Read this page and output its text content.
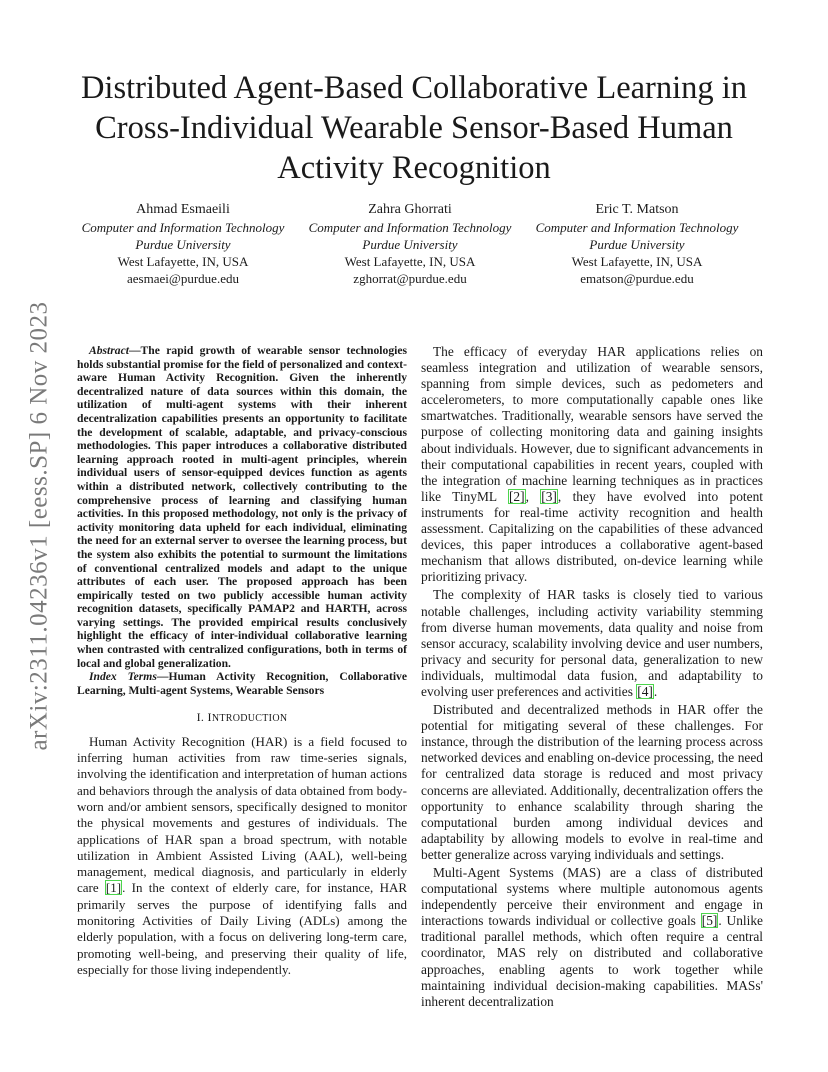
arXiv:2311.04236v1 [eess.SP] 6 Nov 2023
Distributed Agent-Based Collaborative Learning in
Cross-Individual Wearable Sensor-Based Human
Activity Recognition
Ahmad Esmaeili
Computer and Information Technology
Purdue University
West Lafayette, IN, USA
aesmaei@purdue.edu
Zahra Ghorrati
Computer and Information Technology
Purdue University
West Lafayette, IN, USA
zghorrat@purdue.edu
Eric T. Matson
Computer and Information Technology
Purdue University
West Lafayette, IN, USA
ematson@purdue.edu

Abstract—The rapid growth of wearable sensor technologies holds substantial promise for the field of personalized and context-aware Human Activity Recognition. Given the inherently decentralized nature of data sources within this domain, the utilization of multi-agent systems with their inherent decentralization capabilities presents an opportunity to facilitate the development of scalable, adaptable, and privacy-conscious methodologies. This paper introduces a collaborative distributed learning approach rooted in multi-agent principles, wherein individual users of sensor-equipped devices function as agents within a distributed network, collectively contributing to the comprehensive process of learning and classifying human activities. In this proposed methodology, not only is the privacy of activity monitoring data upheld for each individual, eliminating the need for an external server to oversee the learning process, but the system also exhibits the potential to surmount the limitations of conventional centralized models and adapt to the unique attributes of each user. The proposed approach has been empirically tested on two publicly accessible human activity recognition datasets, specifically PAMAP2 and HARTH, across varying settings. The provided empirical results conclusively highlight the efficacy of inter-individual collaborative learning when contrasted with centralized configurations, both in terms of local and global generalization.

Index Terms—Human Activity Recognition, Collaborative Learning, Multi-agent Systems, Wearable Sensors

I. INTRODUCTION

Human Activity Recognition (HAR) is a field focused to inferring human activities from raw time-series signals, involving the identification and interpretation of human actions and behaviors through the analysis of data obtained from body-worn and/or ambient sensors, specifically designed to monitor the physical movements and gestures of individuals. The applications of HAR span a broad spectrum, with notable utilization in Ambient Assisted Living (AAL), well-being management, medical diagnosis, and particularly in elderly care [1]. In the context of elderly care, for instance, HAR primarily serves the purpose of identifying falls and monitoring Activities of Daily Living (ADLs) among the elderly population, with a focus on delivering long-term care, promoting well-being, and preserving their quality of life, especially for those living independently.

The efficacy of everyday HAR applications relies on seamless integration and utilization of wearable sensors, spanning from simple devices, such as pedometers and accelerometers, to more computationally capable ones like smartwatches. Traditionally, wearable sensors have served the purpose of collecting monitoring data and gaining insights about individuals. However, due to significant advancements in their computational capabilities in recent years, coupled with the integration of machine learning techniques as in practices like TinyML [2], [3], they have evolved into potent instruments for real-time activity recognition and health assessment. Capitalizing on the capabilities of these advanced devices, this paper introduces a collaborative agent-based mechanism that allows distributed, on-device learning while prioritizing privacy.

The complexity of HAR tasks is closely tied to various notable challenges, including activity variability stemming from diverse human movements, data quality and noise from sensor accuracy, scalability involving device and user numbers, privacy and security for personal data, generalization to new individuals, multimodal data fusion, and adaptability to evolving user preferences and activities [4].

Distributed and decentralized methods in HAR offer the potential for mitigating several of these challenges. For instance, through the distribution of the learning process across networked devices and enabling on-device processing, the need for centralized data storage is reduced and most privacy concerns are alleviated. Additionally, decentralization offers the opportunity to enhance scalability through sharing the computational burden among individual devices and adaptability by allowing models to evolve in real-time and better generalize across varying individuals and settings.

Multi-Agent Systems (MAS) are a class of distributed computational systems where multiple autonomous agents independently perceive their environment and engage in interactions towards individual or collective goals [5]. Unlike traditional parallel methods, which often require a central coordinator, MAS rely on distributed and collaborative approaches, enabling agents to work together while maintaining individual decision-making capabilities. MASs' inherent decentralization
